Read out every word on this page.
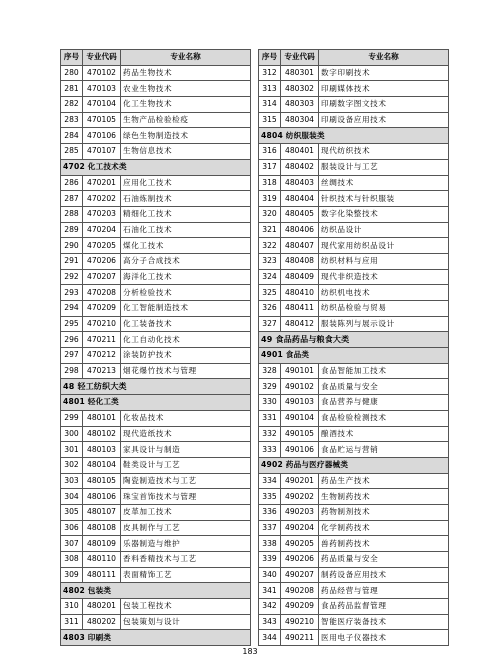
序号	专业代码	专业名称
280	470102	药品生物技术
281	470103	农业生物技术
282	470104	化工生物技术
283	470105	生物产品检验检疫
284	470106	绿色生物制造技术
285	470107	生物信息技术
4702 化工技术类		
286	470201	应用化工技术
287	470202	石油炼制技术
288	470203	精细化工技术
289	470204	石油化工技术
290	470205	煤化工技术
291	470206	高分子合成技术
292	470207	海洋化工技术
293	470208	分析检验技术
294	470209	化工智能制造技术
295	470210	化工装备技术
296	470211	化工自动化技术
297	470212	涂装防护技术
298	470213	烟花爆竹技术与管理
48 轻工纺织大类		
4801 轻化工类		
299	480101	化妆品技术
300	480102	现代造纸技术
301	480103	家具设计与制造
302	480104	鞋类设计与工艺
303	480105	陶瓷制造技术与工艺
304	480106	珠宝首饰技术与管理
305	480107	皮革加工技术
306	480108	皮具制作与工艺
307	480109	乐器制造与维护
308	480110	香料香精技术与工艺
309	480111	表面精饰工艺
4802 包装类		
310	480201	包装工程技术
311	480202	包装策划与设计
4803 印刷类		
序号	专业代码	专业名称
312	480301	数字印刷技术
313	480302	印刷媒体技术
314	480303	印刷数字图文技术
315	480304	印刷设备应用技术
4804 纺织服装类		
316	480401	现代纺织技术
317	480402	服装设计与工艺
318	480403	丝绸技术
319	480404	针织技术与针织服装
320	480405	数字化染整技术
321	480406	纺织品设计
322	480407	现代家用纺织品设计
323	480408	纺织材料与应用
324	480409	现代非织造技术
325	480410	纺织机电技术
326	480411	纺织品检验与贸易
327	480412	服装陈列与展示设计
49 食品药品与粮食大类		
4901 食品类		
328	490101	食品智能加工技术
329	490102	食品质量与安全
330	490103	食品营养与健康
331	490104	食品检验检测技术
332	490105	酿酒技术
333	490106	食品贮运与营销
4902 药品与医疗器械类		
334	490201	药品生产技术
335	490202	生物制药技术
336	490203	药物制剂技术
337	490204	化学制药技术
338	490205	兽药制药技术
339	490206	药品质量与安全
340	490207	制药设备应用技术
341	490208	药品经营与管理
342	490209	食品药品监督管理
343	490210	智能医疗装备技术
344	490211	医用电子仪器技术
183
